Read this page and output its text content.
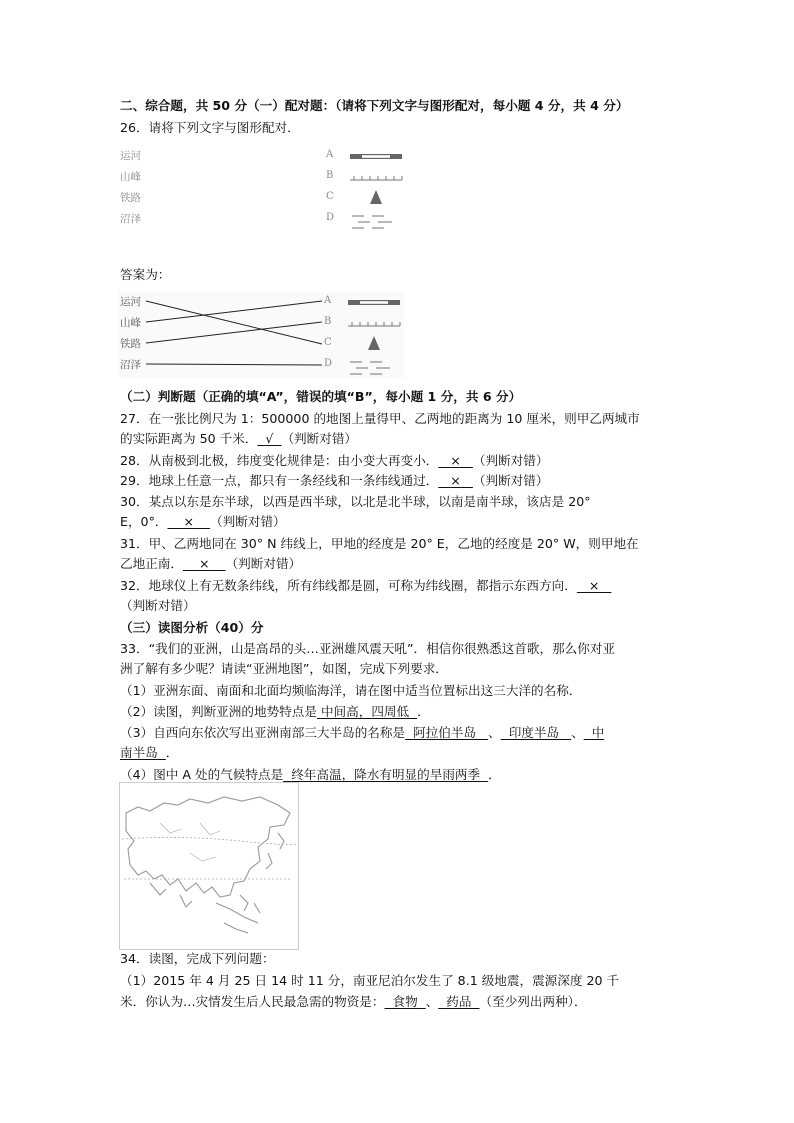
二、综合题，共 50 分（一）配对题：（请将下列文字与图形配对，每小题 4 分，共 4 分）
26．请将下列文字与图形配对．
运河
山峰
铁路
沼泽
A
B
C
D
答案为：
运河
山峰
铁路
沼泽
A
B
C
D
（二）判断题（正确的填“A”，错误的填“B”，每小题 1 分，共 6 分）
27．在一张比例尺为 1：500000 的地图上量得甲、乙两地的距离为 10 厘米，则甲乙两城市
的实际距离为 50 千米． √ （判断对错）
28．从南极到北极，纬度变化规律是：由小变大再变小． × （判断对错）
29．地球上任意一点，都只有一条经线和一条纬线通过． × （判断对错）
30．某点以东是东半球，以西是西半球，以北是北半球，以南是南半球，该店是 20°
E，0°． × （判断对错）
31．甲、乙两地同在 30° N 纬线上，甲地的经度是 20° E，乙地的经度是 20° W，则甲地在
乙地正南． × （判断对错）
32．地球仪上有无数条纬线，所有纬线都是圆，可称为纬线圈，都指示东西方向． ×
（判断对错）
（三）读图分析（40）分
33．“我们的亚洲，山是高昂的头…亚洲雄风震天吼”．相信你很熟悉这首歌，那么你对亚
洲了解有多少呢？请读“亚洲地图”，如图，完成下列要求．
（1）亚洲东面、南面和北面均频临海洋，请在图中适当位置标出这三大洋的名称．
（2）读图，判断亚洲的地势特点是 中间高，四周低 ．
（3）自西向东依次写出亚洲南部三大半岛的名称是 阿拉伯半岛 、 印度半岛 、 中
南半岛 ．
（4）图中 A 处的气候特点是 终年高温，降水有明显的旱雨两季 ．
34．读图，完成下列问题：
（1）2015 年 4 月 25 日 14 时 11 分，南亚尼泊尔发生了 8.1 级地震，震源深度 20 千
米．你认为…灾情发生后人民最急需的物资是： 食物 、 药品 （至少列出两种）．
